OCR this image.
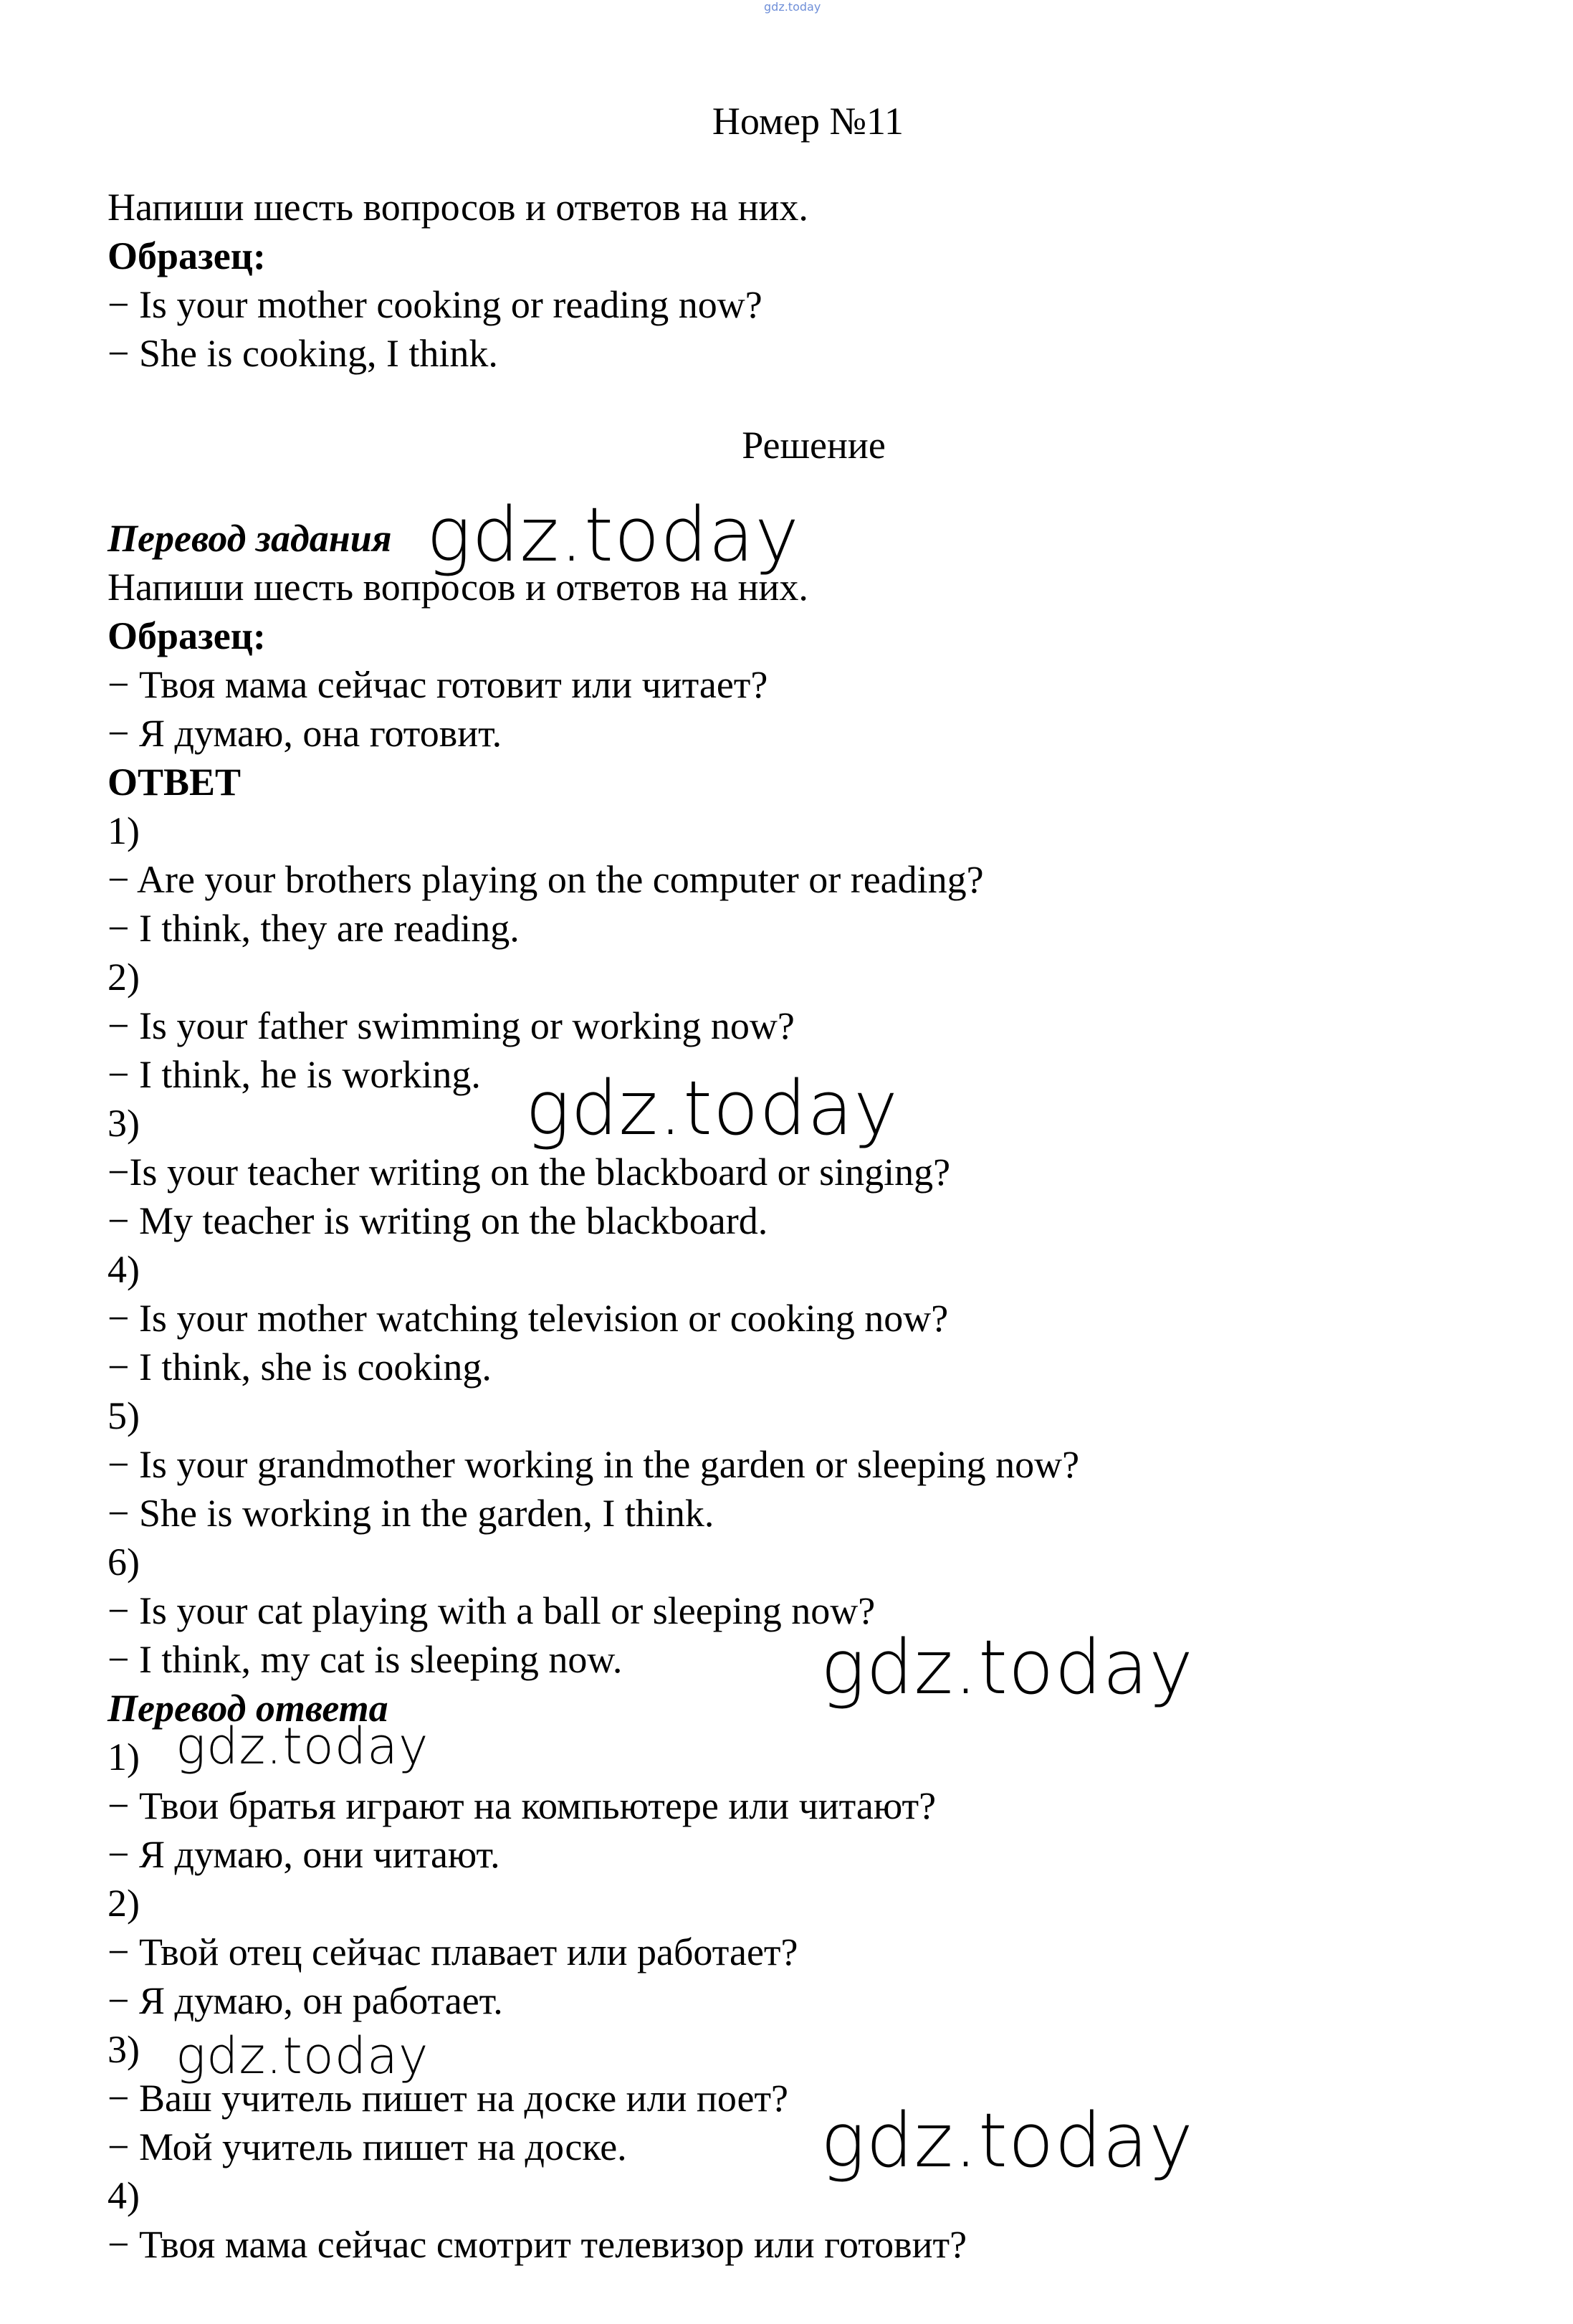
gdz.today
Номер №11
Напиши шесть вопросов и ответов на них.
Образец:
− Is your mother cooking or reading now?
− She is cooking, I think.
Решение
Перевод задания
Напиши шесть вопросов и ответов на них.
Образец:
− Твоя мама сейчас готовит или читает?
− Я думаю, она готовит.
ОТВЕТ
1)
− Are your brothers playing on the computer or reading?
− I think, they are reading.
2)
− Is your father swimming or working now?
− I think, he is working.
3)
−Is your teacher writing on the blackboard or singing?
− My teacher is writing on the blackboard.
4)
− Is your mother watching television or cooking now?
− I think, she is cooking.
5)
− Is your grandmother working in the garden or sleeping now?
− She is working in the garden, I think.
6)
− Is your cat playing with a ball or sleeping now?
− I think, my cat is sleeping now.
Перевод ответа
1)
− Твои братья играют на компьютере или читают?
− Я думаю, они читают.
2)
− Твой отец сейчас плавает или работает?
− Я думаю, он работает.
3)
− Ваш учитель пишет на доске или поет?
− Мой учитель пишет на доске.
4)
− Твоя мама сейчас смотрит телевизор или готовит?
gdz.today
gdz.today
gdz.today
gdz.today
gdz.today
gdz.today
